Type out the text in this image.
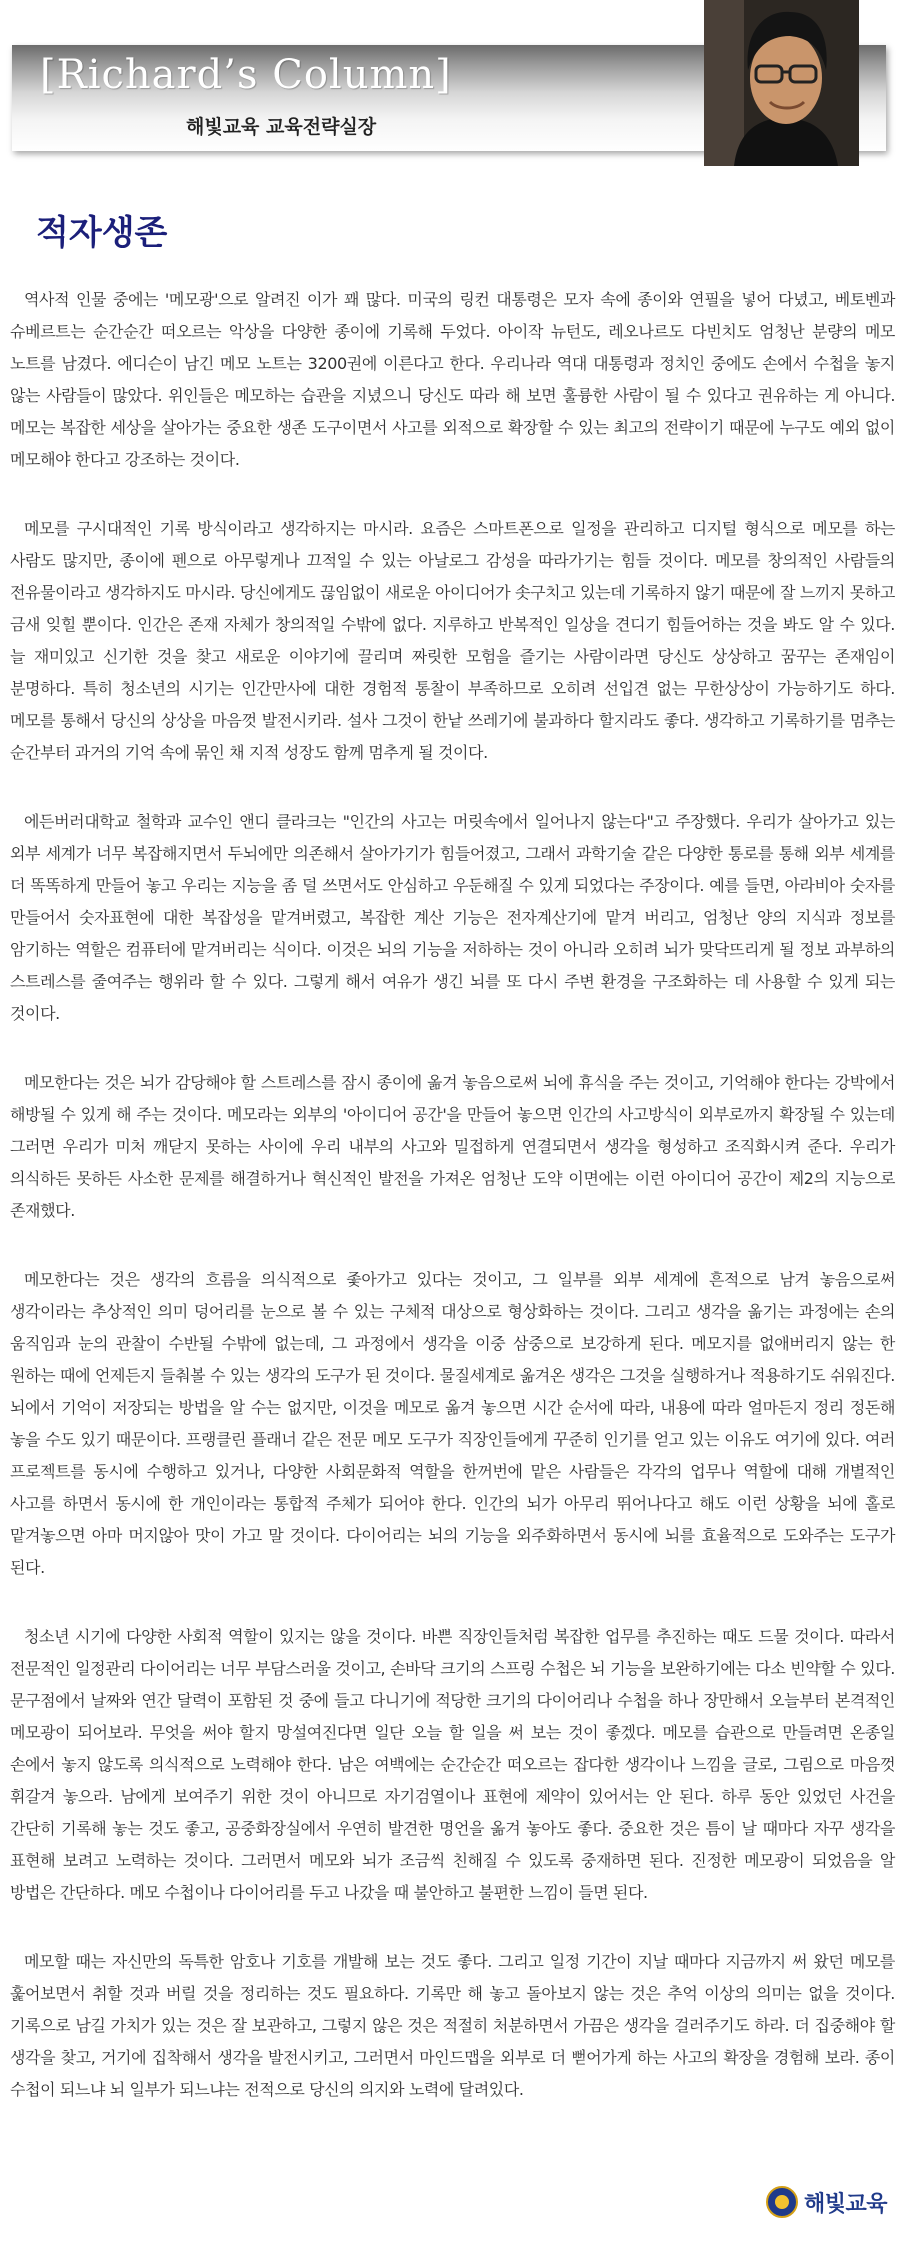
[Richard’s Column]
해빛교육 교육전략실장
적자생존

역사적 인물 중에는 '메모광'으로 알려진 이가 꽤 많다. 미국의 링컨 대통령은 모자 속에 종이와 연필을 넣어 다녔고, 베토벤과 슈베르트는 순간순간 떠오르는 악상을 다양한 종이에 기록해 두었다. 아이작 뉴턴도, 레오나르도 다빈치도 엄청난 분량의 메모 노트를 남겼다. 에디슨이 남긴 메모 노트는 3200권에 이른다고 한다. 우리나라 역대 대통령과 정치인 중에도 손에서 수첩을 놓지 않는 사람들이 많았다. 위인들은 메모하는 습관을 지녔으니 당신도 따라 해 보면 훌륭한 사람이 될 수 있다고 권유하는 게 아니다. 메모는 복잡한 세상을 살아가는 중요한 생존 도구이면서 사고를 외적으로 확장할 수 있는 최고의 전략이기 때문에 누구도 예외 없이 메모해야 한다고 강조하는 것이다.

메모를 구시대적인 기록 방식이라고 생각하지는 마시라. 요즘은 스마트폰으로 일정을 관리하고 디지털 형식으로 메모를 하는 사람도 많지만, 종이에 펜으로 아무렇게나 끄적일 수 있는 아날로그 감성을 따라가기는 힘들 것이다. 메모를 창의적인 사람들의 전유물이라고 생각하지도 마시라. 당신에게도 끊임없이 새로운 아이디어가 솟구치고 있는데 기록하지 않기 때문에 잘 느끼지 못하고 금새 잊힐 뿐이다. 인간은 존재 자체가 창의적일 수밖에 없다. 지루하고 반복적인 일상을 견디기 힘들어하는 것을 봐도 알 수 있다. 늘 재미있고 신기한 것을 찾고 새로운 이야기에 끌리며 짜릿한 모험을 즐기는 사람이라면 당신도 상상하고 꿈꾸는 존재임이 분명하다. 특히 청소년의 시기는 인간만사에 대한 경험적 통찰이 부족하므로 오히려 선입견 없는 무한상상이 가능하기도 하다. 메모를 통해서 당신의 상상을 마음껏 발전시키라. 설사 그것이 한낱 쓰레기에 불과하다 할지라도 좋다. 생각하고 기록하기를 멈추는 순간부터 과거의 기억 속에 묶인 채 지적 성장도 함께 멈추게 될 것이다.

에든버러대학교 철학과 교수인 앤디 클라크는 "인간의 사고는 머릿속에서 일어나지 않는다"고 주장했다. 우리가 살아가고 있는 외부 세계가 너무 복잡해지면서 두뇌에만 의존해서 살아가기가 힘들어졌고, 그래서 과학기술 같은 다양한 통로를 통해 외부 세계를 더 똑똑하게 만들어 놓고 우리는 지능을 좀 덜 쓰면서도 안심하고 우둔해질 수 있게 되었다는 주장이다. 예를 들면, 아라비아 숫자를 만들어서 숫자표현에 대한 복잡성을 맡겨버렸고, 복잡한 계산 기능은 전자계산기에 맡겨 버리고, 엄청난 양의 지식과 정보를 암기하는 역할은 컴퓨터에 맡겨버리는 식이다. 이것은 뇌의 기능을 저하하는 것이 아니라 오히려 뇌가 맞닥뜨리게 될 정보 과부하의 스트레스를 줄여주는 행위라 할 수 있다. 그렇게 해서 여유가 생긴 뇌를 또 다시 주변 환경을 구조화하는 데 사용할 수 있게 되는 것이다.

메모한다는 것은 뇌가 감당해야 할 스트레스를 잠시 종이에 옮겨 놓음으로써 뇌에 휴식을 주는 것이고, 기억해야 한다는 강박에서 해방될 수 있게 해 주는 것이다. 메모라는 외부의 '아이디어 공간'을 만들어 놓으면 인간의 사고방식이 외부로까지 확장될 수 있는데 그러면 우리가 미처 깨닫지 못하는 사이에 우리 내부의 사고와 밀접하게 연결되면서 생각을 형성하고 조직화시켜 준다. 우리가 의식하든 못하든 사소한 문제를 해결하거나 혁신적인 발전을 가져온 엄청난 도약 이면에는 이런 아이디어 공간이 제2의 지능으로 존재했다.

메모한다는 것은 생각의 흐름을 의식적으로 좇아가고 있다는 것이고, 그 일부를 외부 세계에 흔적으로 남겨 놓음으로써 생각이라는 추상적인 의미 덩어리를 눈으로 볼 수 있는 구체적 대상으로 형상화하는 것이다. 그리고 생각을 옮기는 과정에는 손의 움직임과 눈의 관찰이 수반될 수밖에 없는데, 그 과정에서 생각을 이중 삼중으로 보강하게 된다. 메모지를 없애버리지 않는 한 원하는 때에 언제든지 들춰볼 수 있는 생각의 도구가 된 것이다. 물질세계로 옮겨온 생각은 그것을 실행하거나 적용하기도 쉬워진다. 뇌에서 기억이 저장되는 방법을 알 수는 없지만, 이것을 메모로 옮겨 놓으면 시간 순서에 따라, 내용에 따라 얼마든지 정리 정돈해 놓을 수도 있기 때문이다. 프랭클린 플래너 같은 전문 메모 도구가 직장인들에게 꾸준히 인기를 얻고 있는 이유도 여기에 있다. 여러 프로젝트를 동시에 수행하고 있거나, 다양한 사회문화적 역할을 한꺼번에 맡은 사람들은 각각의 업무나 역할에 대해 개별적인 사고를 하면서 동시에 한 개인이라는 통합적 주체가 되어야 한다. 인간의 뇌가 아무리 뛰어나다고 해도 이런 상황을 뇌에 홀로 맡겨놓으면 아마 머지않아 맛이 가고 말 것이다. 다이어리는 뇌의 기능을 외주화하면서 동시에 뇌를 효율적으로 도와주는 도구가 된다.

청소년 시기에 다양한 사회적 역할이 있지는 않을 것이다. 바쁜 직장인들처럼 복잡한 업무를 추진하는 때도 드물 것이다. 따라서 전문적인 일정관리 다이어리는 너무 부담스러울 것이고, 손바닥 크기의 스프링 수첩은 뇌 기능을 보완하기에는 다소 빈약할 수 있다. 문구점에서 날짜와 연간 달력이 포함된 것 중에 들고 다니기에 적당한 크기의 다이어리나 수첩을 하나 장만해서 오늘부터 본격적인 메모광이 되어보라. 무엇을 써야 할지 망설여진다면 일단 오늘 할 일을 써 보는 것이 좋겠다. 메모를 습관으로 만들려면 온종일 손에서 놓지 않도록 의식적으로 노력해야 한다. 남은 여백에는 순간순간 떠오르는 잡다한 생각이나 느낌을 글로, 그림으로 마음껏 휘갈겨 놓으라. 남에게 보여주기 위한 것이 아니므로 자기검열이나 표현에 제약이 있어서는 안 된다. 하루 동안 있었던 사건을 간단히 기록해 놓는 것도 좋고, 공중화장실에서 우연히 발견한 명언을 옮겨 놓아도 좋다. 중요한 것은 틈이 날 때마다 자꾸 생각을 표현해 보려고 노력하는 것이다. 그러면서 메모와 뇌가 조금씩 친해질 수 있도록 중재하면 된다. 진정한 메모광이 되었음을 알 방법은 간단하다. 메모 수첩이나 다이어리를 두고 나갔을 때 불안하고 불편한 느낌이 들면 된다.

메모할 때는 자신만의 독특한 암호나 기호를 개발해 보는 것도 좋다. 그리고 일정 기간이 지날 때마다 지금까지 써 왔던 메모를 훑어보면서 취할 것과 버릴 것을 정리하는 것도 필요하다. 기록만 해 놓고 돌아보지 않는 것은 추억 이상의 의미는 없을 것이다. 기록으로 남길 가치가 있는 것은 잘 보관하고, 그렇지 않은 것은 적절히 처분하면서 가끔은 생각을 걸러주기도 하라. 더 집중해야 할 생각을 찾고, 거기에 집착해서 생각을 발전시키고, 그러면서 마인드맵을 외부로 더 뻗어가게 하는 사고의 확장을 경험해 보라. 종이 수첩이 되느냐 뇌 일부가 되느냐는 전적으로 당신의 의지와 노력에 달려있다.

해빛교육
